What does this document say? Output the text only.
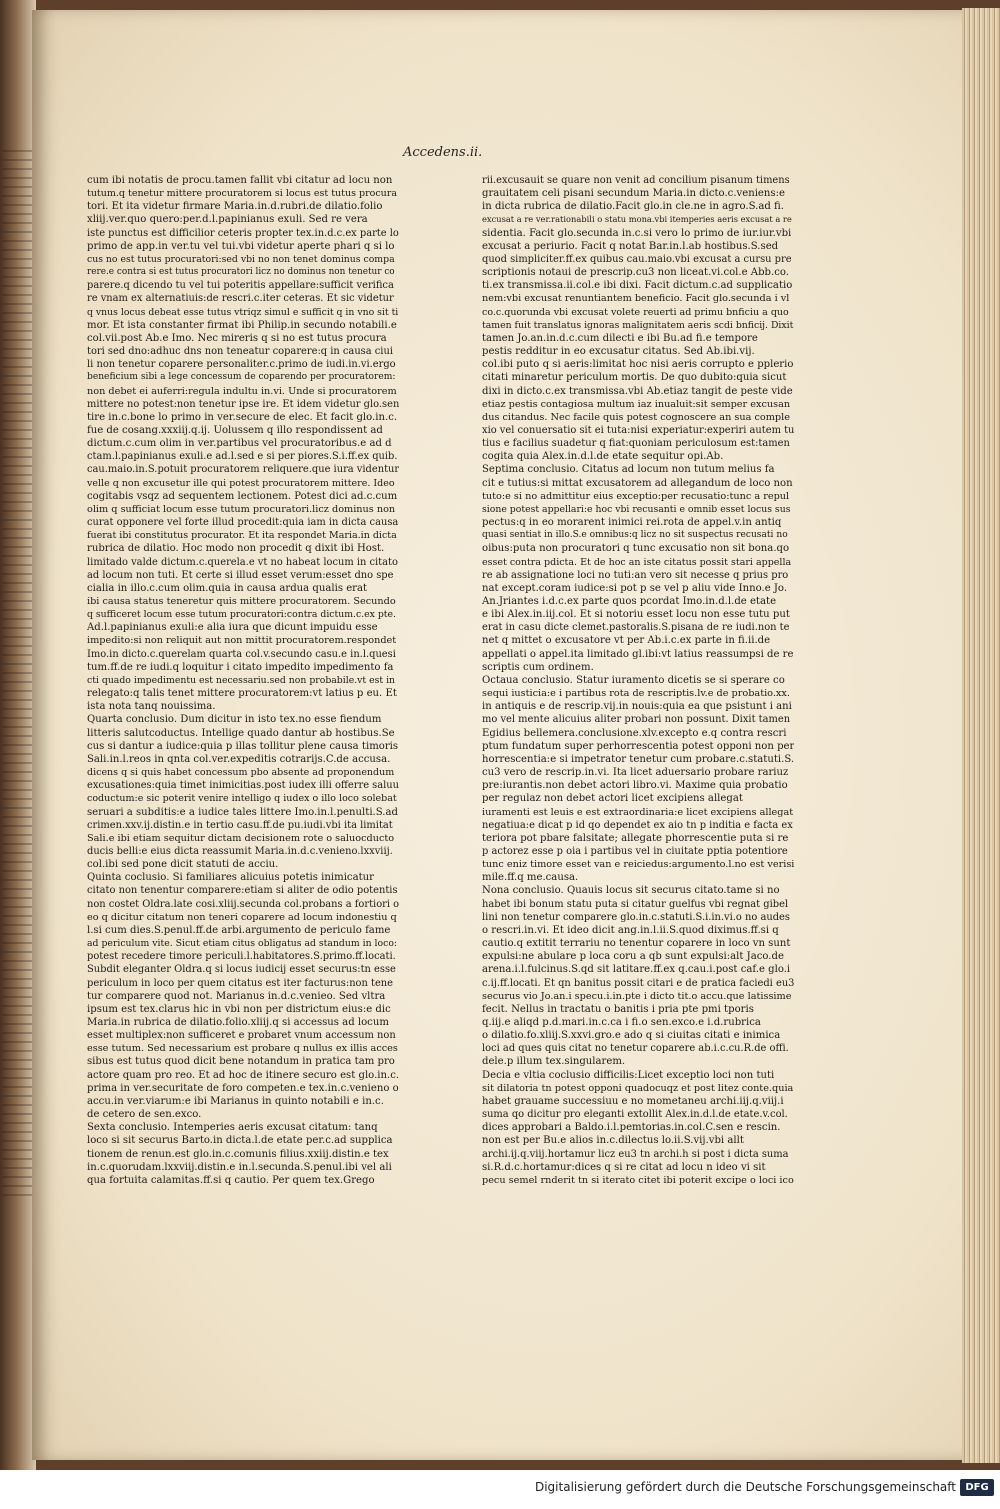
Accedens.ii.
cum ibi notatis de procu.tamen fallit vbi citatur ad locu non
tutum.q tenetur mittere procuratorem si locus est tutus procura
tori. Et ita videtur firmare Maria.in.d.rubri.de dilatio.folio
xliij.ver.quo quero:per.d.l.papinianus exuli. Sed re vera
iste punctus est difficilior ceteris propter tex.in.d.c.ex parte lo
primo de app.in ver.tu vel tui.vbi videtur aperte phari q si lo
cus no est tutus procuratori:sed vbi no non tenet dominus compa
rere.e contra si est tutus procuratori licz no dominus non tenetur co
parere.q dicendo tu vel tui poteritis appellare:sufficit verifica
re vnam ex alternatiuis:de rescri.c.iter ceteras. Et sic videtur
q vnus locus debeat esse tutus vtriqz simul e sufficit q in vno sit ti
mor. Et ista constanter firmat ibi Philip.in secundo notabili.e
col.vii.post Ab.e Imo. Nec mireris q si no est tutus procura
tori sed dno:adhuc dns non teneatur coparere:q in causa ciui
li non tenetur coparere personaliter.c.primo de iudi.in.vi.ergo
beneficium sibi a lege concessum de coparendo per procuratorem:
non debet ei auferri:regula indultu in.vi. Unde si procuratorem
mittere no potest:non tenetur ipse ire. Et idem videtur glo.sen
tire in.c.bone lo primo in ver.secure de elec. Et facit glo.in.c.
fue de cosang.xxxiij.q.ij. Uolussem q illo respondissent ad
dictum.c.cum olim in ver.partibus vel procuratoribus.e ad d
ctam.l.papinianus exuli.e ad.l.sed e si per piores.S.i.ff.ex quib.
cau.maio.in.S.potuit procuratorem reliquere.que iura videntur
velle q non excusetur ille qui potest procuratorem mittere. Ideo
cogitabis vsqz ad sequentem lectionem. Potest dici ad.c.cum
olim q sufficiat locum esse tutum procuratori.licz dominus non
curat opponere vel forte illud procedit:quia iam in dicta causa
fuerat ibi constitutus procurator. Et ita respondet Maria.in dicta
rubrica de dilatio. Hoc modo non procedit q dixit ibi Host.
limitado valde dictum.c.querela.e vt no habeat locum in citato
ad locum non tuti. Et certe si illud esset verum:esset dno spe
cialia in illo.c.cum olim.quia in causa ardua qualis erat
ibi causa status teneretur quis mittere procuratorem. Secundo
q sufficeret locum esse tutum procuratori:contra dictum.c.ex pte.
Ad.l.papinianus exuli:e alia iura que dicunt impuidu esse
impedito:si non reliquit aut non mittit procuratorem.respondet
Imo.in dicto.c.querelam quarta col.v.secundo casu.e in.l.quesi
tum.ff.de re iudi.q loquitur i citato impedito impedimento fa
cti quado impedimentu est necessariu.sed non probabile.vt est in
relegato:q talis tenet mittere procuratorem:vt latius p eu. Et
ista nota tanq nouissima.
Quarta conclusio. Dum dicitur in isto tex.no esse fiendum
litteris salutcoductus. Intellige quado dantur ab hostibus.Se
cus si dantur a iudice:quia p illas tollitur plene causa timoris
Sali.in.l.reos in qnta col.ver.expeditis cotrarijs.C.de accusa.
dicens q si quis habet concessum pbo absente ad proponendum
excusationes:quia timet inimicitias.post iudex illi offerre saluu
coductum:e sic poterit venire intelligo q iudex o illo loco solebat
seruari a subditis:e a iudice tales littere Imo.in.l.penulti.S.ad
crimen.xxv.ij.distin.e in tertio casu.ff.de pu.iudi.vbi ita limitat
Sali.e ibi etiam sequitur dictam decisionem rote o saluocducto
ducis belli:e eius dicta reassumit Maria.in.d.c.venieno.lxxviij.
col.ibi sed pone dicit statuti de acciu.
Quinta coclusio. Si familiares alicuius potetis inimicatur
citato non tenentur comparere:etiam si aliter de odio potentis
non costet Oldra.late cosi.xliij.secunda col.probans a fortiori o
eo q dicitur citatum non teneri coparere ad locum indonestiu q
l.si cum dies.S.penul.ff.de arbi.argumento de periculo fame
ad periculum vite. Sicut etiam citus obligatus ad standum in loco:
potest recedere timore periculi.l.habitatores.S.primo.ff.locati.
Subdit eleganter Oldra.q si locus iudicij esset securus:tn esse
periculum in loco per quem citatus est iter facturus:non tene
tur comparere quod not. Marianus in.d.c.venieo. Sed vltra
ipsum est tex.clarus hic in vbi non per districtum eius:e dic
Maria.in rubrica de dilatio.folio.xliij.q si accessus ad locum
esset multiplex:non sufficeret e probaret vnum accessum non
esse tutum. Sed necessarium est probare q nullus ex illis acces
sibus est tutus quod dicit bene notandum in pratica tam pro
actore quam pro reo. Et ad hoc de itinere securo est glo.in.c.
prima in ver.securitate de foro competen.e tex.in.c.venieno o
accu.in ver.viarum:e ibi Marianus in quinto notabili e in.c.
de cetero de sen.exco.
Sexta conclusio. Intemperies aeris excusat citatum: tanq
loco si sit securus Barto.in dicta.l.de etate per.c.ad supplica
tionem de renun.est glo.in.c.comunis filius.xxiij.distin.e tex
in.c.quorudam.lxxviij.distin.e in.l.secunda.S.penul.ibi vel ali
qua fortuita calamitas.ff.si q cautio. Per quem tex.Grego
rii.excusauit se quare non venit ad concilium pisanum timens
grauitatem celi pisani secundum Maria.in dicto.c.veniens:e
in dicta rubrica de dilatio.Facit glo.in cle.ne in agro.S.ad fi.
excusat a re ver.rationabili o statu mona.vbi itemperies aeris excusat a re
sidentia. Facit glo.secunda in.c.si vero lo primo de iur.iur.vbi
excusat a periurio. Facit q notat Bar.in.l.ab hostibus.S.sed
quod simpliciter.ff.ex quibus cau.maio.vbi excusat a cursu pre
scriptionis notaui de prescrip.cu3 non liceat.vi.col.e Abb.co.
ti.ex transmissa.ii.col.e ibi dixi. Facit dictum.c.ad supplicatio
nem:vbi excusat renuntiantem beneficio. Facit glo.secunda i vl
co.c.quorunda vbi excusat volete reuerti ad primu bnficiu a quo
tamen fuit translatus ignoras malignitatem aeris scdi bnficij. Dixit
tamen Jo.an.in.d.c.cum dilecti e ibi Bu.ad fi.e tempore
pestis redditur in eo excusatur citatus. Sed Ab.ibi.vij.
col.ibi puto q si aeris:limitat hoc nisi aeris corrupto e pplerio
citati minaretur periculum mortis. De quo dubito:quia sicut
dixi in dicto.c.ex transmissa.vbi Ab.etiaz tangit de peste vide
etiaz pestis contagiosa multum iaz inualuit:sit semper excusan
dus citandus. Nec facile quis potest cognoscere an sua comple
xio vel conuersatio sit ei tuta:nisi experiatur:experiri autem tu
tius e facilius suadetur q fiat:quoniam periculosum est:tamen
cogita quia Alex.in.d.l.de etate sequitur opi.Ab.
Septima conclusio. Citatus ad locum non tutum melius fa
cit e tutius:si mittat excusatorem ad allegandum de loco non
tuto:e si no admittitur eius exceptio:per recusatio:tunc a repul
sione potest appellari:e hoc vbi recusanti e omnib esset locus sus
pectus:q in eo morarent inimici rei.rota de appel.v.in antiq
quasi sentiat in illo.S.e omnibus:q licz no sit suspectus recusati no
oibus:puta non procuratori q tunc excusatio non sit bona.qo
esset contra pdicta. Et de hoc an iste citatus possit stari appella
re ab assignatione loci no tuti:an vero sit necesse q prius pro
nat except.coram iudice:si pot p se vel p aliu vide Inno.e Jo.
An.Jriantes i.d.c.ex parte quos pcordat Imo.in.d.l.de etate
e ibi Alex.in.iij.col. Et si notoriu esset locu non esse tutu put
erat in casu dicte clemet.pastoralis.S.pisana de re iudi.non te
net q mittet o excusatore vt per Ab.i.c.ex parte in fi.ii.de
appellati o appel.ita limitado gl.ibi:vt latius reassumpsi de re
scriptis cum ordinem.
Octaua conclusio. Statur iuramento dicetis se si sperare co
sequi iusticia:e i partibus rota de rescriptis.lv.e de probatio.xx.
in antiquis e de rescrip.vij.in nouis:quia ea que psistunt i ani
mo vel mente alicuius aliter probari non possunt. Dixit tamen
Egidius bellemera.conclusione.xlv.excepto e.q contra rescri
ptum fundatum super perhorrescentia potest opponi non per
horrescentia:e si impetrator tenetur cum probare.c.statuti.S.
cu3 vero de rescrip.in.vi. Ita licet aduersario probare rariuz
pre:iurantis.non debet actori libro.vi. Maxime quia probatio
per regulaz non debet actori licet excipiens allegat
iuramenti est leuis e est extraordinaria:e licet excipiens allegat
negatiua:e dicat p id qo dependet ex aio tn p inditia e facta ex
teriora pot pbare falsitate; allegate phorrescentie puta si re
p actorez esse p oia i partibus vel in ciuitate pptia potentiore
tunc eniz timore esset van e reiciedus:argumento.l.no est verisi
mile.ff.q me.causa.
Nona conclusio. Quauis locus sit securus citato.tame si no
habet ibi bonum statu puta si citatur guelfus vbi regnat gibel
lini non tenetur comparere glo.in.c.statuti.S.i.in.vi.o no audes
o rescri.in.vi. Et ideo dicit ang.in.l.ii.S.quod diximus.ff.si q
cautio.q extitit terrariu no tenentur coparere in loco vn sunt
expulsi:ne abulare p loca coru a qb sunt expulsi:alt Jaco.de
arena.i.l.fulcinus.S.qd sit latitare.ff.ex q.cau.i.post caf.e glo.i
c.ij.ff.locati. Et qn banitus possit citari e de pratica faciedi eu3
securus vio Jo.an.i specu.i.in.pte i dicto tit.o accu.que latissime
fecit. Nellus in tractatu o banitis i pria pte pmi tporis
q.iij.e aliqd p.d.mari.in.c.ca i fi.o sen.exco.e i.d.rubrica
o dilatio.fo.xliij.S.xxvi.gro.e ado q si ciuitas citati e inimica
loci ad ques quis citat no tenetur coparere ab.i.c.cu.R.de offi.
dele.p illum tex.singularem.
Decia e vltia coclusio difficilis:Licet exceptio loci non tuti
sit dilatoria tn potest opponi quadocuqz et post litez conte.quia
habet grauame successiuu e no mometaneu archi.iij.q.viij.i
suma qo dicitur pro eleganti extollit Alex.in.d.l.de etate.v.col.
dices approbari a Baldo.i.l.pemtorias.in.col.C.sen e rescin.
non est per Bu.e alios in.c.dilectus lo.ii.S.vij.vbi allt
archi.ij.q.viij.hortamur licz eu3 tn archi.h si post i dicta suma
si.R.d.c.hortamur:dices q si re citat ad locu n ideo vi sit
pecu semel rnderit tn si iterato citet ibi poterit excipe o loci ico
Digitalisierung gefördert durch die Deutsche Forschungsgemeinschaft DFG
